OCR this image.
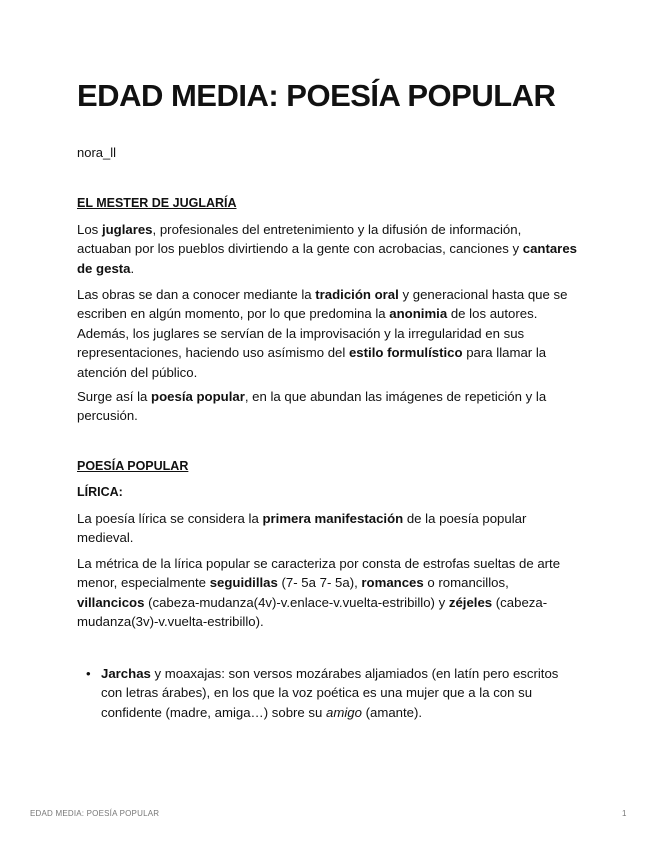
EDAD MEDIA: POESÍA POPULAR
nora_ll
EL MESTER DE JUGLARÍA

Los juglares, profesionales del entretenimiento y la difusión de información, actuaban por los pueblos divirtiendo a la gente con acrobacias, canciones y cantares de gesta.

Las obras se dan a conocer mediante la tradición oral y generacional hasta que se escriben en algún momento, por lo que predomina la anonimia de los autores. Además, los juglares se servían de la improvisación y la irregularidad en sus representaciones, haciendo uso asímismo del estilo formulístico para llamar la atención del público.

Surge así la poesía popular, en la que abundan las imágenes de repetición y la percusión.

POESÍA POPULAR
LÍRICA:

La poesía lírica se considera la primera manifestación de la poesía popular medieval.

La métrica de la lírica popular se caracteriza por consta de estrofas sueltas de arte menor, especialmente seguidillas (7- 5a 7- 5a), romances o romancillos, villancicos (cabeza-mudanza(4v)-v.enlace-v.vuelta-estribillo) y zéjeles (cabeza-mudanza(3v)-v.vuelta-estribillo).

• Jarchas y moaxajas: son versos mozárabes aljamiados (en latín pero escritos con letras árabes), en los que la voz poética es una mujer que a la con su confidente (madre, amiga…) sobre su amigo (amante).
EDAD MEDIA: POESÍA POPULAR	1
